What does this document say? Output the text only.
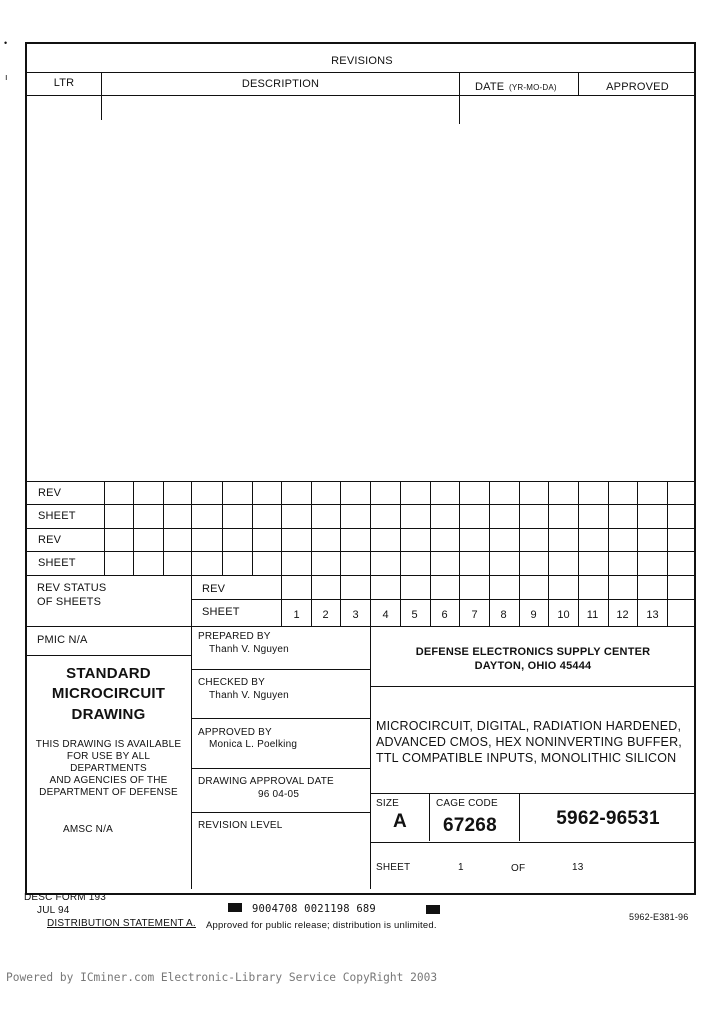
•
ı
REVISIONS
LTR	DESCRIPTION	DATE (YR-MO-DA)	APPROVED
REV
SHEET
REV
SHEET
REV STATUS
OF SHEETS
REV
SHEET	1	2	3	4	5	6	7	8	9	10	11	12	13
PMIC N/A
STANDARD
MICROCIRCUIT
DRAWING
THIS DRAWING IS AVAILABLE
FOR USE BY ALL
DEPARTMENTS
AND AGENCIES OF THE
DEPARTMENT OF DEFENSE
AMSC N/A
PREPARED BY
Thanh V. Nguyen
CHECKED BY
Thanh V. Nguyen
APPROVED BY
Monica L. Poelking
DRAWING APPROVAL DATE
96 04-05
REVISION LEVEL
DEFENSE ELECTRONICS SUPPLY CENTER
DAYTON, OHIO 45444
MICROCIRCUIT, DIGITAL, RADIATION HARDENED,
ADVANCED CMOS, HEX NONINVERTING BUFFER,
TTL COMPATIBLE INPUTS, MONOLITHIC SILICON
SIZE
A
CAGE CODE
67268	5962-96531
SHEET	1	OF	13
DESC FORM 193
JUL 94	9004708 0021198 689
DISTRIBUTION STATEMENT A. Approved for public release; distribution is unlimited.
5962-E381-96
Powered by ICminer.com Electronic-Library Service CopyRight 2003
